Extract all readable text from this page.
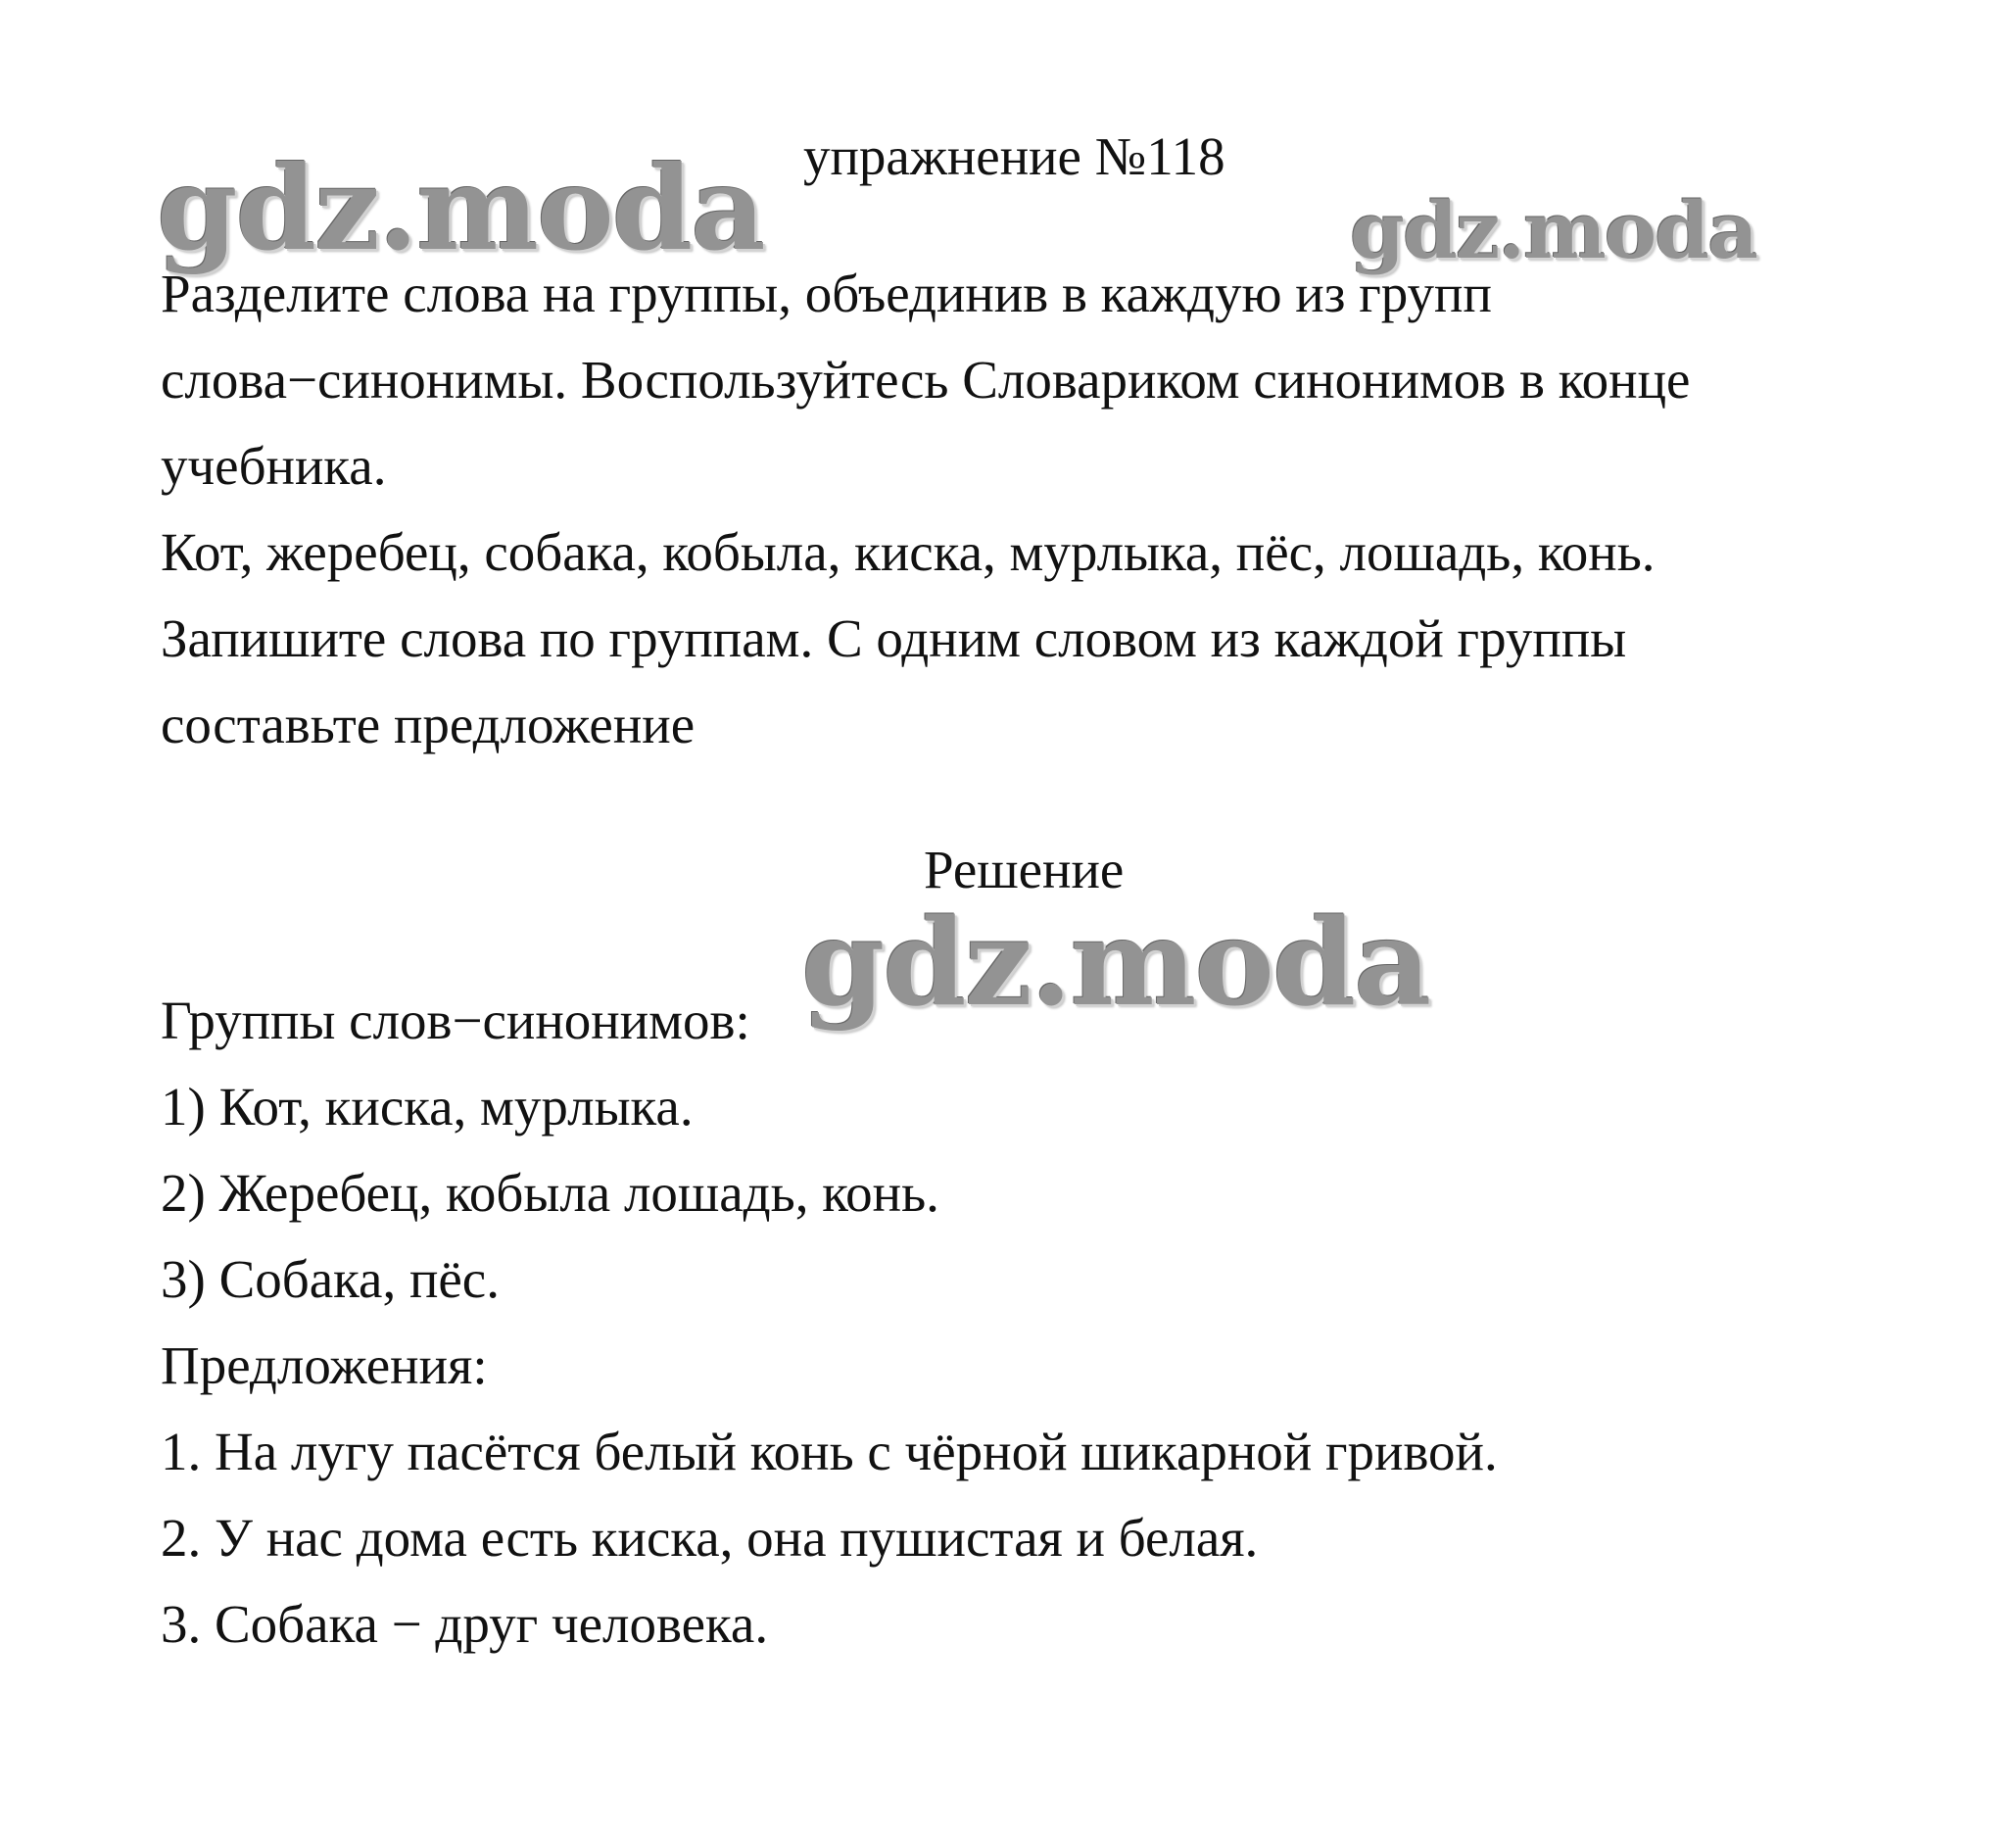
gdz.moda	gdz.moda
упражнение №118
Разделите слова на группы, объединив в каждую из групп
слова−синонимы. Воспользуйтесь Словариком синонимов в конце
учебника.
Кот, жеребец, собака, кобыла, киска, мурлыка, пёс, лошадь, конь.
Запишите слова по группам. С одним словом из каждой группы
составьте предложение
Решение
gdz.moda
Группы слов−синонимов:
1) Кот, киска, мурлыка.
2) Жеребец, кобыла лошадь, конь.
3) Собака, пёс.
Предложения:
1. На лугу пасётся белый конь с чёрной шикарной гривой.
2. У нас дома есть киска, она пушистая и белая.
3. Собака − друг человека.
